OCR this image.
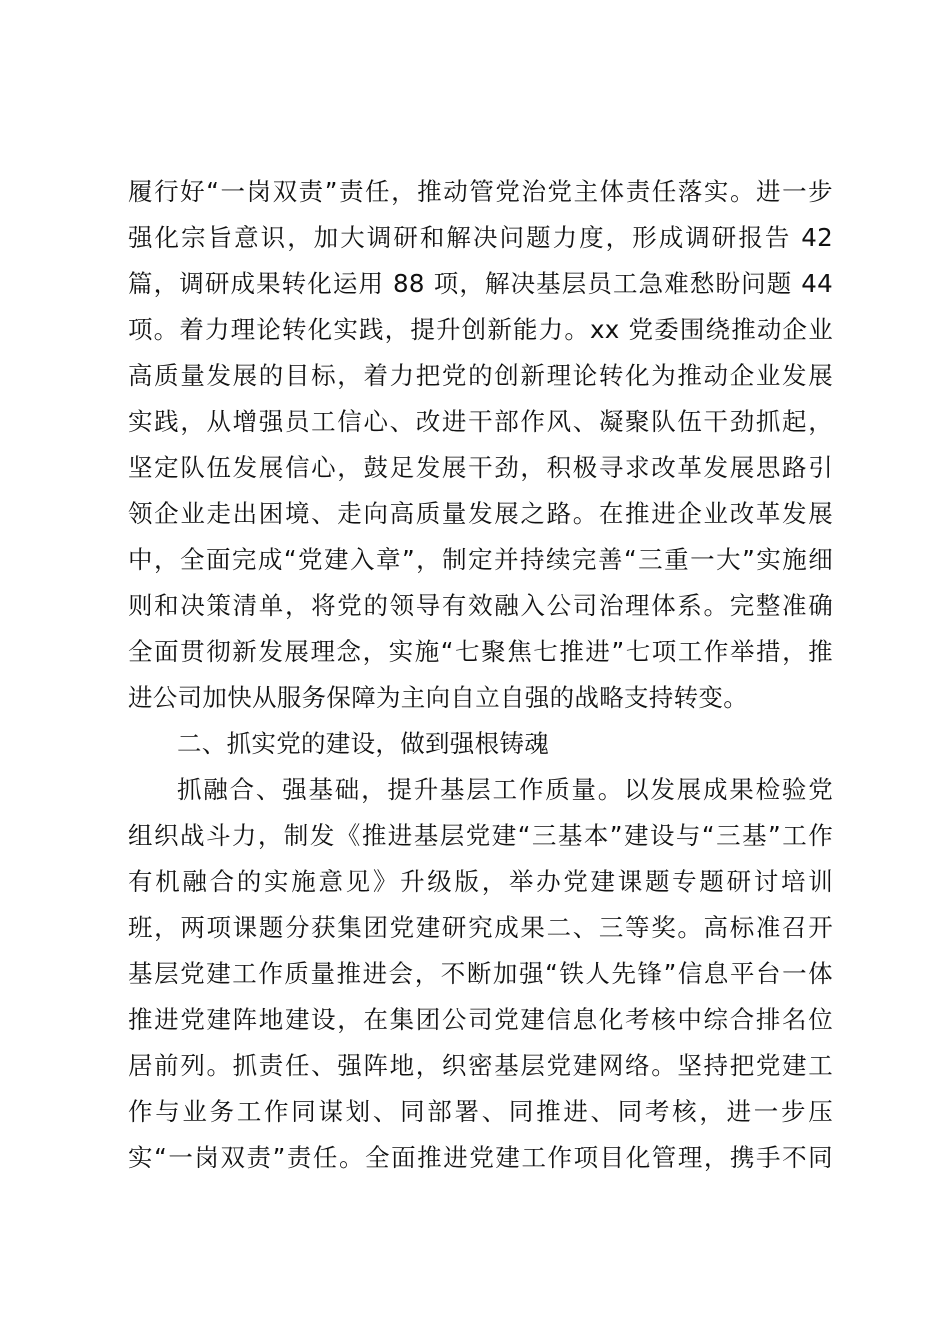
履行好“一岗双责”责任，推动管党治党主体责任落实。进一步
强化宗旨意识，加大调研和解决问题力度，形成调研报告 42
篇，调研成果转化运用 88 项，解决基层员工急难愁盼问题 44
项。着力理论转化实践，提升创新能力。xx 党委围绕推动企业
高质量发展的目标，着力把党的创新理论转化为推动企业发展
实践，从增强员工信心、改进干部作风、凝聚队伍干劲抓起，
坚定队伍发展信心，鼓足发展干劲，积极寻求改革发展思路引
领企业走出困境、走向高质量发展之路。在推进企业改革发展
中，全面完成“党建入章”，制定并持续完善“三重一大”实施细
则和决策清单，将党的领导有效融入公司治理体系。完整准确
全面贯彻新发展理念，实施“七聚焦七推进”七项工作举措，推
进公司加快从服务保障为主向自立自强的战略支持转变。
二、抓实党的建设，做到强根铸魂
抓融合、强基础，提升基层工作质量。以发展成果检验党
组织战斗力，制发《推进基层党建“三基本”建设与“三基”工作
有机融合的实施意见》升级版，举办党建课题专题研讨培训
班，两项课题分获集团党建研究成果二、三等奖。高标准召开
基层党建工作质量推进会，不断加强“铁人先锋”信息平台一体
推进党建阵地建设，在集团公司党建信息化考核中综合排名位
居前列。抓责任、强阵地，织密基层党建网络。坚持把党建工
作与业务工作同谋划、同部署、同推进、同考核，进一步压
实“一岗双责”责任。全面推进党建工作项目化管理，携手不同
